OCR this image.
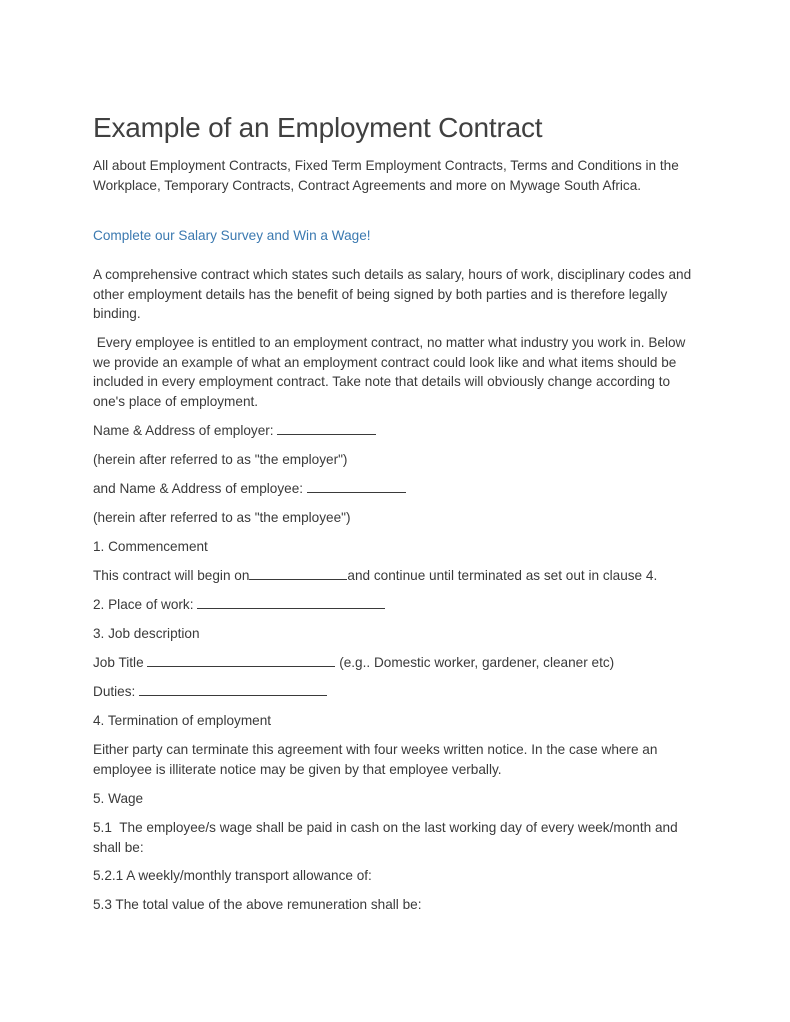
Example of an Employment Contract

All about Employment Contracts, Fixed Term Employment Contracts, Terms and Conditions in the Workplace, Temporary Contracts, Contract Agreements and more on Mywage South Africa.

Complete our Salary Survey and Win a Wage!

A comprehensive contract which states such details as salary, hours of work, disciplinary codes and other employment details has the benefit of being signed by both parties and is therefore legally binding.

Every employee is entitled to an employment contract, no matter what industry you work in. Below we provide an example of what an employment contract could look like and what items should be included in every employment contract. Take note that details will obviously change according to one's place of employment.

Name & Address of employer:
(herein after referred to as "the employer")
and Name & Address of employee:
(herein after referred to as "the employee")
1. Commencement
This contract will begin on	and continue until terminated as set out in clause 4.
2. Place of work:
3. Job description
Job Title	(e.g.. Domestic worker, gardener, cleaner etc)
Duties:
4. Termination of employment

Either party can terminate this agreement with four weeks written notice. In the case where an employee is illiterate notice may be given by that employee verbally.

5. Wage

5.1  The employee/s wage shall be paid in cash on the last working day of every week/month and shall be:

5.2.1 A weekly/monthly transport allowance of:
5.3 The total value of the above remuneration shall be:
